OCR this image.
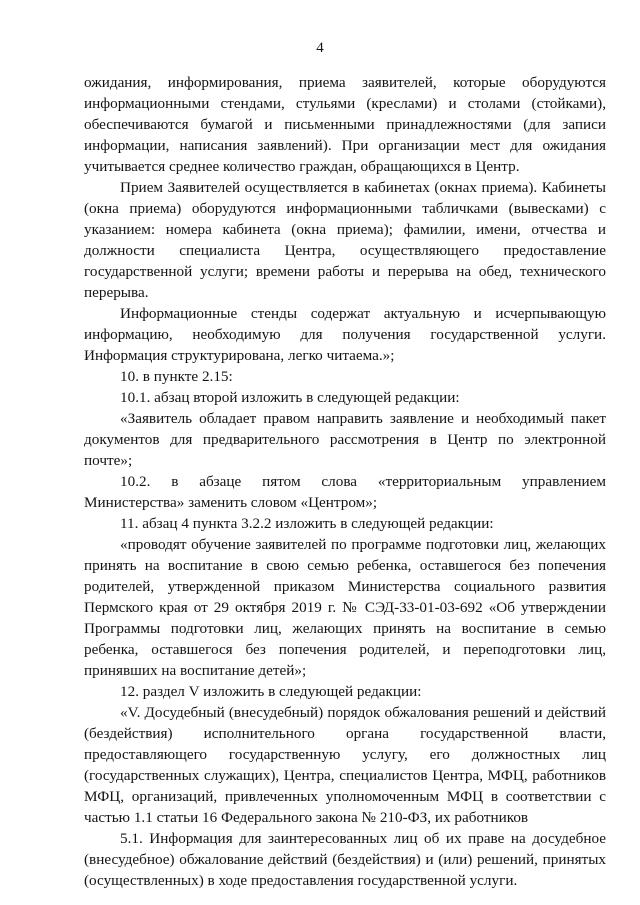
4

ожидания, информирования, приема заявителей, которые оборудуются информационными стендами, стульями (креслами) и столами (стойками), обеспечиваются бумагой и письменными принадлежностями (для записи информации, написания заявлений). При организации мест для ожидания учитывается среднее количество граждан, обращающихся в Центр.

Прием Заявителей осуществляется в кабинетах (окнах приема). Кабинеты (окна приема) оборудуются информационными табличками (вывесками) с указанием: номера кабинета (окна приема); фамилии, имени, отчества и должности специалиста Центра, осуществляющего предоставление государственной услуги; времени работы и перерыва на обед, технического перерыва.

Информационные стенды содержат актуальную и исчерпывающую информацию, необходимую для получения государственной услуги. Информация структурирована, легко читаема.»;

10. в пункте 2.15:

10.1. абзац второй изложить в следующей редакции:

«Заявитель обладает правом направить заявление и необходимый пакет документов для предварительного рассмотрения в Центр по электронной почте»;

10.2. в абзаце пятом слова «территориальным управлением Министерства» заменить словом «Центром»;

11. абзац 4 пункта 3.2.2 изложить в следующей редакции:

«проводят обучение заявителей по программе подготовки лиц, желающих принять на воспитание в свою семью ребенка, оставшегося без попечения родителей, утвержденной приказом Министерства социального развития Пермского края от 29 октября 2019 г. № СЭД-33-01-03-692 «Об утверждении Программы подготовки лиц, желающих принять на воспитание в семью ребенка, оставшегося без попечения родителей, и переподготовки лиц, принявших на воспитание детей»;

12. раздел V изложить в следующей редакции:

«V. Досудебный (внесудебный) порядок обжалования решений и действий (бездействия) исполнительного органа государственной власти, предоставляющего государственную услугу, его должностных лиц (государственных служащих), Центра, специалистов Центра, МФЦ, работников МФЦ, организаций, привлеченных уполномоченным МФЦ в соответствии с частью 1.1 статьи 16 Федерального закона № 210-ФЗ, их работников

5.1. Информация для заинтересованных лиц об их праве на досудебное (внесудебное) обжалование действий (бездействия) и (или) решений, принятых (осуществленных) в ходе предоставления государственной услуги.
